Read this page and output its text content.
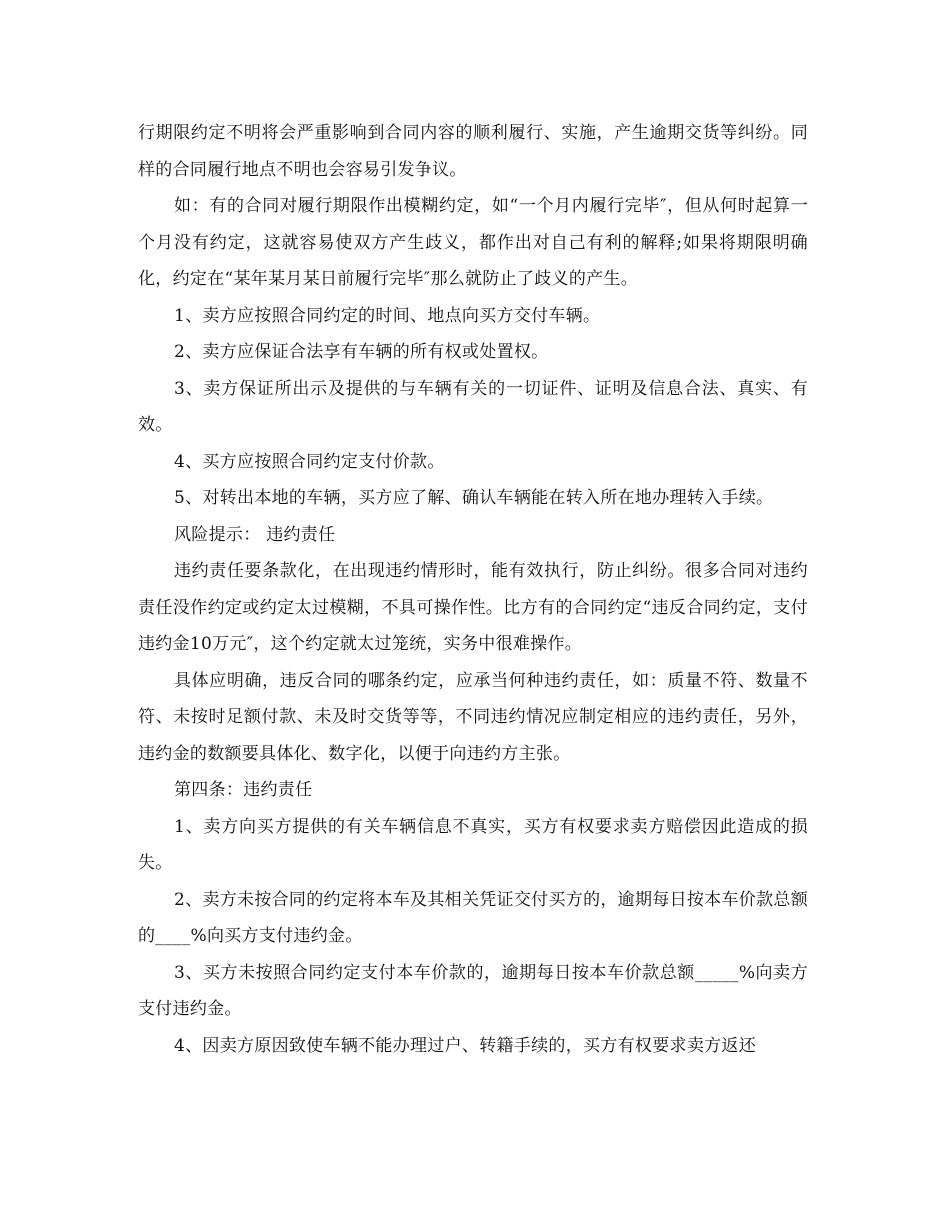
行期限约定不明将会严重影响到合同内容的顺利履行、实施，产生逾期交货等纠纷。同样的合同履行地点不明也会容易引发争议。

如：有的合同对履行期限作出模糊约定，如“一个月内履行完毕″，但从何时起算一个月没有约定，这就容易使双方产生歧义，都作出对自己有利的解释;如果将期限明确化，约定在“某年某月某日前履行完毕″那么就防止了歧义的产生。

1、卖方应按照合同约定的时间、地点向买方交付车辆。

2、卖方应保证合法享有车辆的所有权或处置权。

3、卖方保证所出示及提供的与车辆有关的一切证件、证明及信息合法、真实、有效。

4、买方应按照合同约定支付价款。

5、对转出本地的车辆，买方应了解、确认车辆能在转入所在地办理转入手续。

风险提示： 违约责任

违约责任要条款化，在出现违约情形时，能有效执行，防止纠纷。很多合同对违约责任没作约定或约定太过模糊，不具可操作性。比方有的合同约定“违反合同约定，支付违约金10万元″，这个约定就太过笼统，实务中很难操作。

具体应明确，违反合同的哪条约定，应承当何种违约责任，如：质量不符、数量不符、未按时足额付款、未及时交货等等，不同违约情况应制定相应的违约责任，另外，违约金的数额要具体化、数字化，以便于向违约方主张。

第四条：违约责任

1、卖方向买方提供的有关车辆信息不真实，买方有权要求卖方赔偿因此造成的损失。

2、卖方未按合同的约定将本车及其相关凭证交付买方的，逾期每日按本车价款总额的____%向买方支付违约金。

3、买方未按照合同约定支付本车价款的，逾期每日按本车价款总额_____%向卖方支付违约金。

4、因卖方原因致使车辆不能办理过户、转籍手续的，买方有权要求卖方返还
